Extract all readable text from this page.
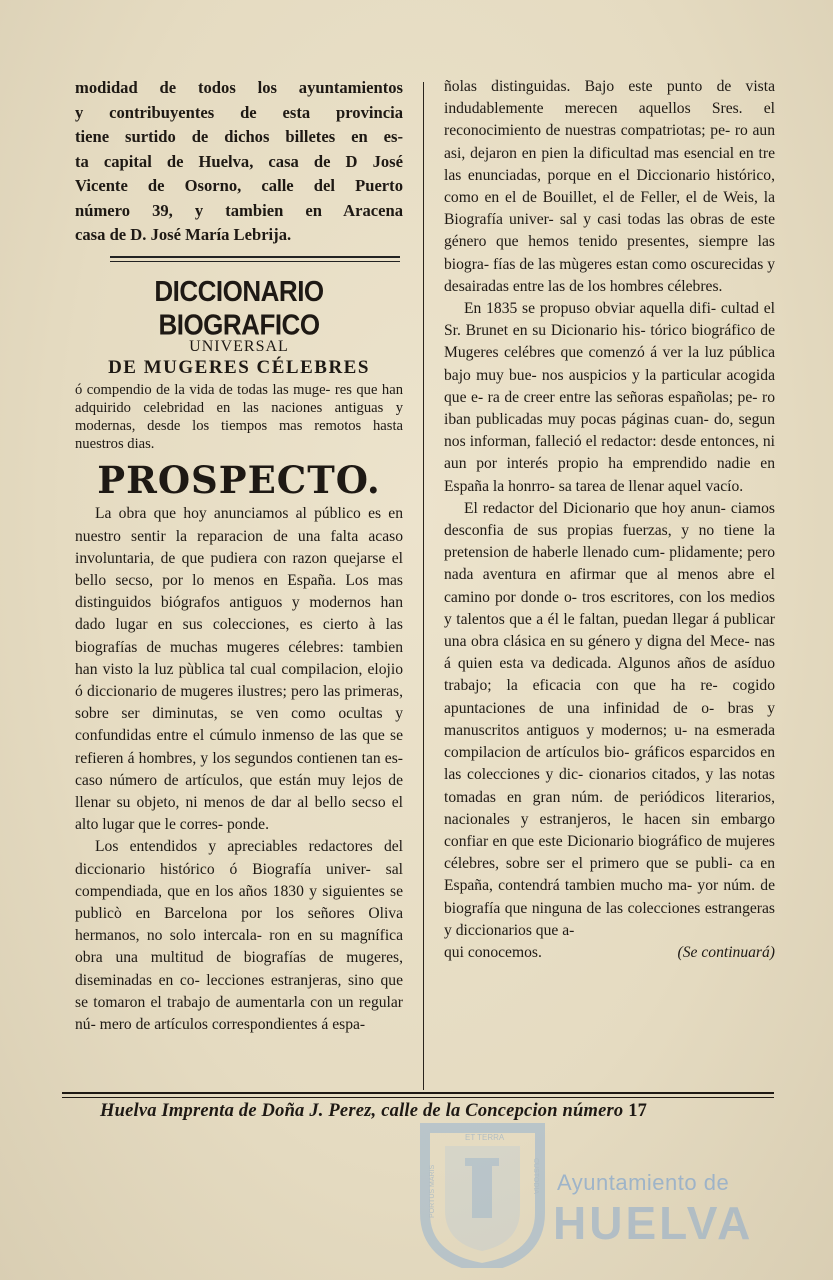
modidad de todos los ayuntamientos
y contribuyentes de esta provincia
tiene surtido de dichos billetes en es-
ta capital de Huelva, casa de D José
Vicente de Osorno, calle del Puerto
número 39, y tambien en Aracena
casa de D. José María Lebrija.
DICCIONARIO BIOGRAFICO
UNIVERSAL
DE MUGERES CÉLEBRES

ó compendio de la vida de todas las muge- res que han adquirido celebridad en las naciones antiguas y modernas, desde los tiempos mas remotos hasta nuestros dias.

PROSPECTO.

La obra que hoy anunciamos al público es en nuestro sentir la reparacion de una falta acaso involuntaria, de que pudiera con razon quejarse el bello secso, por lo menos en España. Los mas distinguidos biógrafos antiguos y modernos han dado lugar en sus colecciones, es cierto à las biografías de muchas mugeres célebres: tambien han visto la luz pùblica tal cual compilacion, elojio ó diccionario de mugeres ilustres; pero las primeras, sobre ser diminutas, se ven como ocultas y confundidas entre el cúmulo inmenso de las que se refieren á hombres, y los segundos contienen tan es- caso número de artículos, que están muy lejos de llenar su objeto, ni menos de dar al bello secso el alto lugar que le corres- ponde.

Los entendidos y apreciables redactores del diccionario histórico ó Biografía univer- sal compendiada, que en los años 1830 y siguientes se publicò en Barcelona por los señores Oliva hermanos, no solo intercala- ron en su magnífica obra una multitud de biografías de mugeres, diseminadas en co- lecciones estranjeras, sino que se tomaron el trabajo de aumentarla con un regular nú- mero de artículos correspondientes á espa-

ñolas distinguidas. Bajo este punto de vista indudablemente merecen aquellos Sres. el reconocimiento de nuestras compatriotas; pe- ro aun asi, dejaron en pien la dificultad mas esencial en tre las enunciadas, porque en el Diccionario histórico, como en el de Bouillet, el de Feller, el de Weis, la Biografía univer- sal y casi todas las obras de este género que hemos tenido presentes, siempre las biogra- fías de las mùgeres estan como oscurecidas y desairadas entre las de los hombres célebres.

En 1835 se propuso obviar aquella difi- cultad el Sr. Brunet en su Dicionario his- tórico biográfico de Mugeres celébres que comenzó á ver la luz pública bajo muy bue- nos auspicios y la particular acogida que e- ra de creer entre las señoras españolas; pe- ro iban publicadas muy pocas páginas cuan- do, segun nos informan, falleció el redactor: desde entonces, ni aun por interés propio ha emprendido nadie en España la honrro- sa tarea de llenar aquel vacío.

El redactor del Dicionario que hoy anun- ciamos desconfia de sus propias fuerzas, y no tiene la pretension de haberle llenado cum- plidamente; pero nada aventura en afirmar que al menos abre el camino por donde o- tros escritores, con los medios y talentos que a él le faltan, puedan llegar á publicar una obra clásica en su género y digna del Mece- nas á quien esta va dedicada. Algunos años de asíduo trabajo; la eficacia con que ha re- cogido apuntaciones de una infinidad de o- bras y manuscritos antiguos y modernos; u- na esmerada compilacion de artículos bio- gráficos esparcidos en las colecciones y dic- cionarios citados, y las notas tomadas en gran núm. de periódicos literarios, nacionales y estranjeros, le hacen sin embargo confiar en que este Dicionario biográfico de mujeres célebres, sobre ser el primero que se publi- ca en España, contendrá tambien mucho ma- yor núm. de biografía que ninguna de las colecciones estrangeras y diccionarios que a-

qui conocemos.	(Se continuará)

Huelva Imprenta de Doña J. Perez, calle de la Concepcion número 17
ET TERRA
PORTUS MARIS	CUSTODIA Ayuntamiento de
HUELVA
